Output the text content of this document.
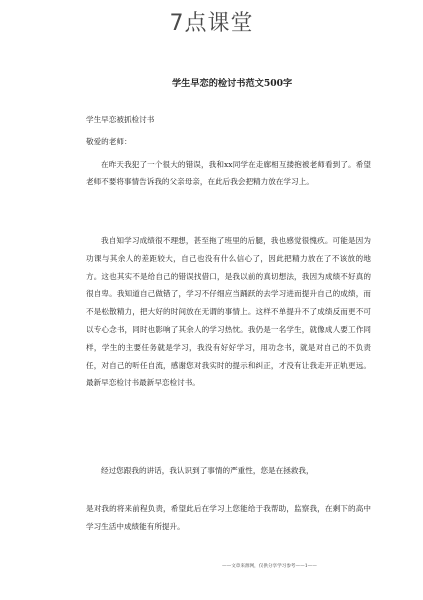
7点课堂
学生早恋的检讨书范文500字
学生早恋被抓检讨书
敬爱的老师：
在昨天我犯了一个很大的错误，我和xx同学在走廊相互搂抱被老师看到了。希望老师不要将事情告诉我的父亲母亲，在此后我会把精力放在学习上。
我自知学习成绩很不理想，甚至拖了班里的后腿，我也感觉很愧疚。可能是因为功课与其余人的差距较大，自己也没有什么信心了，因此把精力放在了不该放的地方。这也其实不是给自己的错误找借口，是我以前的真切想法，我因为成绩不好真的很自卑。我知道自己做错了，学习不仔细应当踊跃的去学习进而提升自己的成绩，而不是松散精力，把大好的时间放在无谓的事情上。这样不单提升不了成绩反而更不可以专心念书，同时也影响了其余人的学习热忱。我仍是一名学生，就像成人要工作同样，学生的主要任务就是学习，我没有好好学习，用功念书，就是对自己的不负责任，对自己的听任自流，感谢您对我实时的提示和纠正，才没有让我走开正轨更远。最新早恋检讨书最新早恋检讨书。
经过您跟我的讲话，我认识到了事情的严重性，您是在拯救我，
是对我的将来前程负责，希望此后在学习上您能给于我帮助，监察我，在剩下的高中学习生活中成绩能有所提升。
——文章来源网，仅供分享学习参考——1——
